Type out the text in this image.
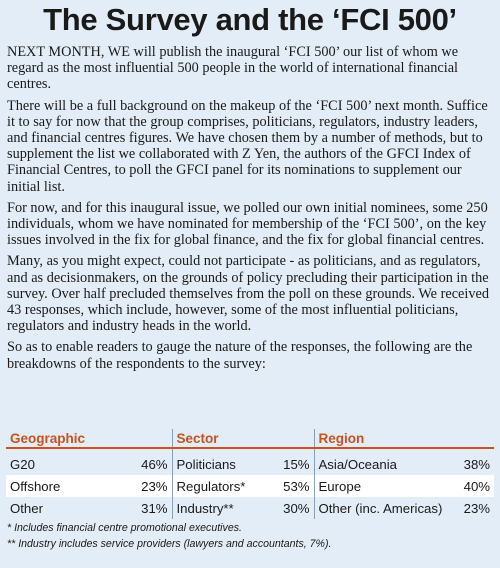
The Survey and the ‘FCI 500’

NEXT MONTH, WE will publish the inaugural ‘FCI 500’ our list of whom we regard as the most influential 500 people in the world of international financial centres.

There will be a full background on the makeup of the ‘FCI 500’ next month. Suffice it to say for now that the group comprises, politicians, regulators, industry leaders, and financial centres figures. We have chosen them by a number of methods, but to supplement the list we collaborated with Z Yen, the authors of the GFCI Index of Financial Centres, to poll the GFCI panel for its nominations to supplement our initial list.

For now, and for this inaugural issue, we polled our own initial nominees, some 250 individuals, whom we have nominated for membership of the ‘FCI 500’, on the key issues involved in the fix for global finance, and the fix for global financial centres.

Many, as you might expect, could not participate - as politicians, and as regulators, and as decisionmakers, on the grounds of policy precluding their participation in the survey. Over half precluded themselves from the poll on these grounds. We received 43 responses, which include, however, some of the most influential politicians, regulators and industry heads in the world.

So as to enable readers to gauge the nature of the responses, the following are the breakdowns of the respondents to the survey:

Geographic		Sector		Region	
G20	46%	Politicians	15%	Asia/Oceania	38%
Offshore	23%	Regulators*	53%	Europe	40%
Other	31%	Industry**	30%	Other (inc. Americas)	23%
* Includes financial centre promotional executives.
** Industry includes service providers (lawyers and accountants, 7%).
